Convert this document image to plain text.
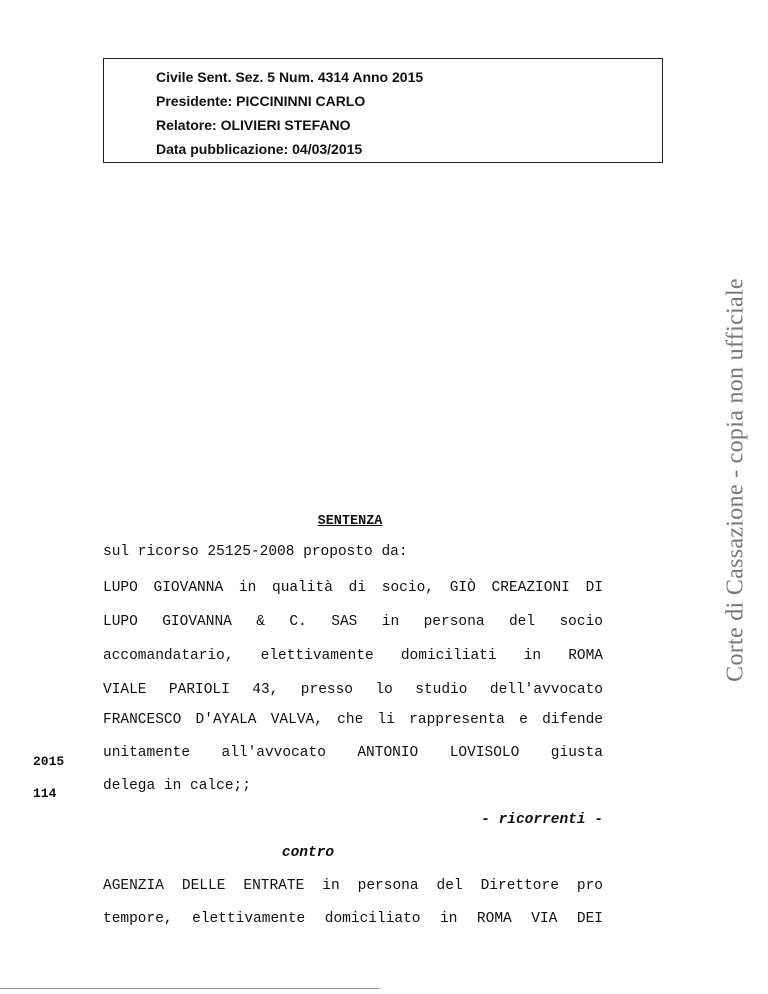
Civile Sent. Sez. 5 Num. 4314 Anno 2015
Presidente: PICCININNI CARLO
Relatore: OLIVIERI STEFANO
Data pubblicazione: 04/03/2015
Corte di Cassazione - copia non ufficiale
SENTENZA
sul ricorso 25125-2008 proposto da:
LUPO GIOVANNA in qualità di socio, GIÒ CREAZIONI DI
LUPO GIOVANNA & C. SAS in persona del socio
accomandatario, elettivamente domiciliati in ROMA
VIALE PARIOLI 43, presso lo studio dell'avvocato
FRANCESCO D'AYALA VALVA, che li rappresenta e difende
unitamente all'avvocato ANTONIO LOVISOLO giusta
delega in calce;;
- ricorrenti -
contro
AGENZIA DELLE ENTRATE in persona del Direttore pro
tempore, elettivamente domiciliato in ROMA VIA DEI
2015
114
